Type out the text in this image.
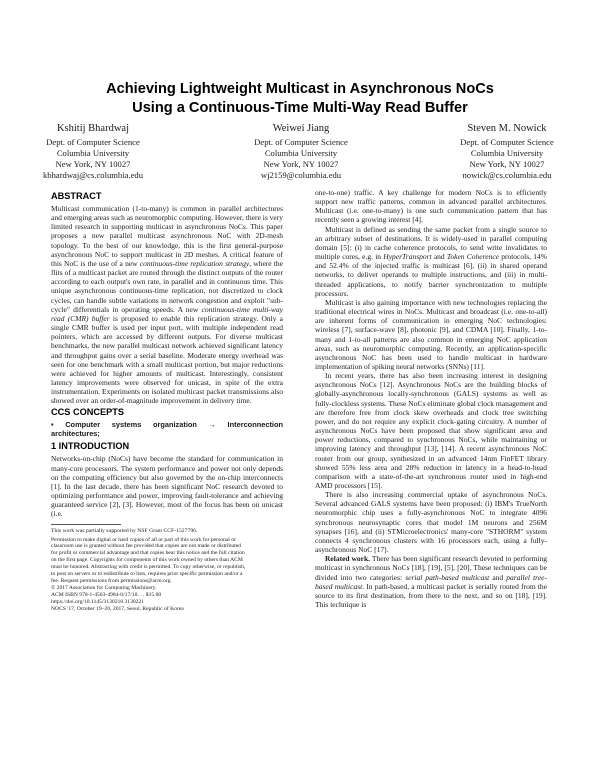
Achieving Lightweight Multicast in Asynchronous NoCs
Using a Continuous-Time Multi-Way Read Buffer
Kshitij Bhardwaj
Dept. of Computer Science
Columbia University
New York, NY 10027
kbhardwaj@cs.columbia.edu
Weiwei Jiang
Dept. of Computer Science
Columbia University
New York, NY 10027
wj2159@columbia.edu
Steven M. Nowick
Dept. of Computer Science
Columbia University
New York, NY 10027
nowick@cs.columbia.edu
ABSTRACT

Multicast communication (1-to-many) is common in parallel architectures and emerging areas such as neuromorphic computing. However, there is very limited research in supporting multicast in asynchronous NoCs. This paper proposes a new parallel multicast asynchronous NoC with 2D-mesh topology. To the best of our knowledge, this is the first general-purpose asynchronous NoC to support multicast in 2D meshes. A critical feature of this NoC is the use of a new continuous-time replication strategy, where the flits of a multicast packet are routed through the distinct outputs of the router according to each output's own rate, in parallel and in continuous time. This unique asynchronous continuous-time replication, not discretized to clock cycles, can handle subtle variations in network congestion and exploit "sub-cycle" differentials in operating speeds. A new continuous-time multi-way read (CMR) buffer is proposed to enable this replication strategy. Only a single CMR buffer is used per input port, with multiple independent read pointers, which are accessed by different outputs. For diverse multicast benchmarks, the new parallel multicast network achieved significant latency and throughput gains over a serial baseline. Moderate energy overhead was seen for one benchmark with a small multicast portion, but major reductions were achieved for higher amounts of multicast. Interestingly, consistent latency improvements were observed for unicast, in spite of the extra instrumentation. Experiments on isolated multicast packet transmissions also showed over an order-of-magnitude improvement in delivery time.

CCS CONCEPTS
• Computer systems organization → Interconnection architectures;
1 INTRODUCTION

Networks-on-chip (NoCs) have become the standard for communication in many-core processors. The system performance and power not only depends on the computing efficiency but also governed by the on-chip interconnects [1]. In the last decade, there has been significant NoC research devoted to optimizing performance and power, improving fault-tolerance and achieving guaranteed service [2], [3]. However, most of the focus has been on unicast (i.e.

This work was partially supported by NSF Grant CCF-1527796.
Permission to make digital or hard copies of all or part of this work for personal or
classroom use is granted without fee provided that copies are not made or distributed
for profit or commercial advantage and that copies bear this notice and the full citation
on the first page. Copyrights for components of this work owned by others than ACM
must be honored. Abstracting with credit is permitted. To copy otherwise, or republish,
to post on servers or to redistribute to lists, requires prior specific permission and/or a
fee. Request permissions from permissions@acm.org.
© 2017 Association for Computing Machinery.
ACM ISBN 978-1-4503-4984-0/17/10. . . $15.00
https://doi.org/10.1145/3130218.3130221
NOCS '17, October 19–20, 2017, Seoul, Republic of Korea

one-to-one) traffic. A key challenge for modern NoCs is to efficiently support new traffic patterns, common in advanced parallel architectures. Multicast (i.e. one-to-many) is one such communication pattern that has recently seen a growing interest [4].

Multicast is defined as sending the same packet from a single source to an arbitrary subset of destinations. It is widely-used in parallel computing domain [5]: (i) in cache coherence protocols, to send write invalidates to multiple cores, e.g. in HyperTransport and Token Coherence protocols, 14% and 52.4% of the injected traffic is multicast [6], (ii) in shared operand networks, to deliver operands to multiple instructions, and (iii) in multi-threaded applications, to notify barrier synchronization to multiple processors.

Multicast is also gaining importance with new technologies replacing the traditional electrical wires in NoCs. Multicast and broadcast (i.e. one-to-all) are inherent forms of communication in emerging NoC technologies: wireless [7], surface-wave [8], photonic [9], and CDMA [10]. Finally, 1-to-many and 1-to-all patterns are also common in emerging NoC application areas, such as neuromorphic computing. Recently, an application-specific asynchronous NoC has been used to handle multicast in hardware implementation of spiking neural networks (SNNs) [11].

In recent years, there has also been increasing interest in designing asynchronous NoCs [12]. Asynchronous NoCs are the building blocks of globally-asynchronous locally-synchronous (GALS) systems as well as fully-clockless systems. These NoCs eliminate global clock management and are therefore free from clock skew overheads and clock tree switching power, and do not require any explicit clock-gating circuitry. A number of asynchronous NoCs have been proposed that show significant area and power reductions, compared to synchronous NoCs, while maintaining or improving latency and throughput [13], [14]. A recent asynchronous NoC router from our group, synthesized in an advanced 14nm FinFET library showed 55% less area and 28% reduction in latency in a head-to-head comparison with a state-of-the-art synchronous router used in high-end AMD processors [15].

There is also increasing commercial uptake of asynchronous NoCs. Several advanced GALS systems have been proposed: (i) IBM's TrueNorth neuromorphic chip uses a fully-asynchronous NoC to integrate 4096 synchronous neurosynaptic cores that model 1M neurons and 256M synapses [16], and (ii) STMicroelectronics' many-core "STHORM" system connects 4 synchronous clusters with 16 processors each, using a fully-asynchronous NoC [17].

Related work. There has been significant research devoted to performing multicast in synchronous NoCs [18], [19], [5], [20]. These techniques can be divided into two categories: serial path-based multicast and parallel tree-based multicast. In path-based, a multicast packet is serially routed from the source to its first destination, from there to the next, and so on [18], [19]. This technique is
